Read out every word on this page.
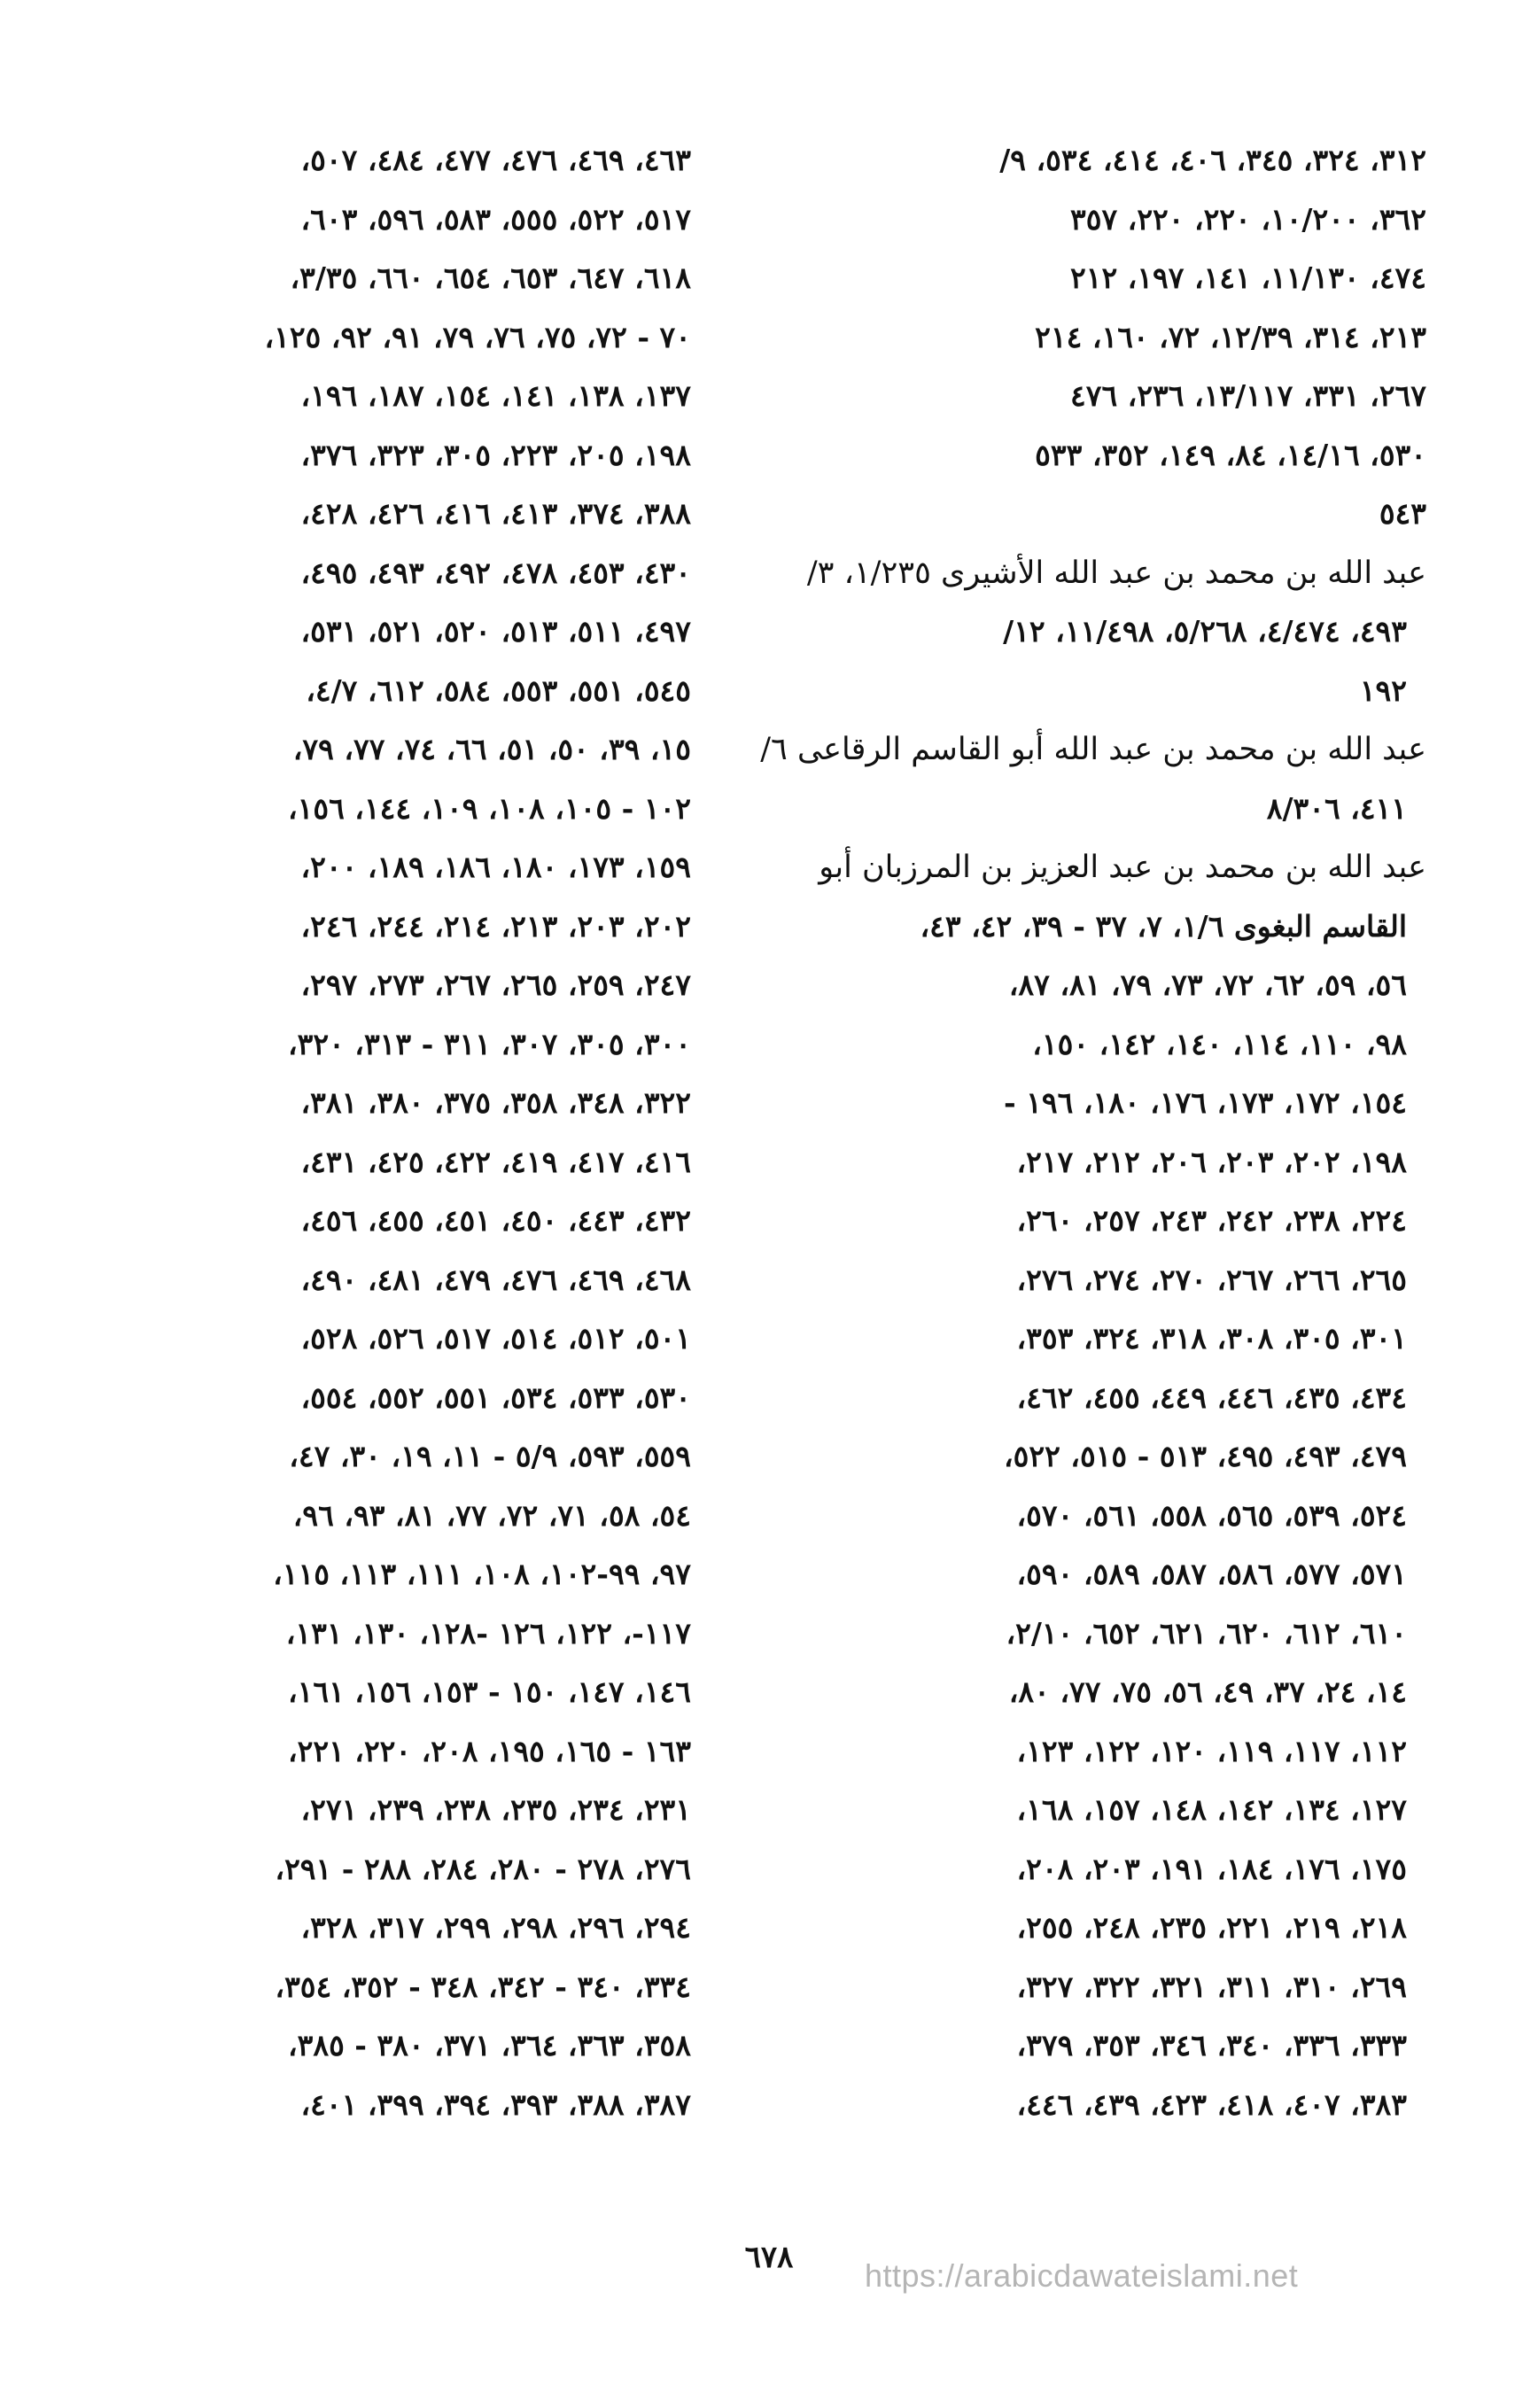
٣١٢، ٣٢٤، ٣٤٥، ٤٠٦، ٤١٤، ٥٣٤، ٩/
٣٦٢، ١٠/٢٠٠، ٢٢٠، ٢٢٠، ٣٥٧
٤٧٤، ١١/١٣٠، ١٤١، ١٩٧، ٢١٢
٢١٣، ٣١٤، ١٢/٣٩، ٧٢، ١٦٠، ٢١٤
٢٦٧، ٣٣١، ١٣/١١٧، ٢٣٦، ٤٧٦
٥٣٠، ١٤/١٦، ٨٤، ١٤٩، ٣٥٢، ٥٣٣
٥٤٣
عبد الله بن محمد بن عبد الله الأشيرى ١/٢٣٥، ٣/
٤٩٣، ٤/٤٧٤، ٥/٢٦٨، ١١/٤٩٨، ١٢/
١٩٢
عبد الله بن محمد بن عبد الله أبو القاسم الرقاعى ٦/
٤١١، ٨/٣٠٦
عبد الله بن محمد بن عبد العزيز بن المرزبان أبو
القاسم البغوى ١/٦، ٧، ٣٧ - ٣٩، ٤٢، ٤٣،
٥٦، ٥٩، ٦٢، ٧٢، ٧٣، ٧٩، ٨١، ٨٧،
٩٨، ١١٠، ١١٤، ١٤٠، ١٤٢، ١٥٠،
١٥٤، ١٧٢، ١٧٣، ١٧٦، ١٨٠، ١٩٦ -
١٩٨، ٢٠٢، ٢٠٣، ٢٠٦، ٢١٢، ٢١٧،
٢٢٤، ٢٣٨، ٢٤٢، ٢٤٣، ٢٥٧، ٢٦٠،
٢٦٥، ٢٦٦، ٢٦٧، ٢٧٠، ٢٧٤، ٢٧٦،
٣٠١، ٣٠٥، ٣٠٨، ٣١٨، ٣٢٤، ٣٥٣،
٤٣٤، ٤٣٥، ٤٤٦، ٤٤٩، ٤٥٥، ٤٦٢،
٤٧٩، ٤٩٣، ٤٩٥، ٥١٣ - ٥١٥، ٥٢٢،
٥٢٤، ٥٣٩، ٥٦٥، ٥٥٨، ٥٦١، ٥٧٠،
٥٧١، ٥٧٧، ٥٨٦، ٥٨٧، ٥٨٩، ٥٩٠،
٦١٠، ٦١٢، ٦٢٠، ٦٢١، ٦٥٢، ٢/١٠،
١٤، ٢٤، ٣٧، ٤٩، ٥٦، ٧٥، ٧٧، ٨٠،
١١٢، ١١٧، ١١٩، ١٢٠، ١٢٢، ١٢٣،
١٢٧، ١٣٤، ١٤٢، ١٤٨، ١٥٧، ١٦٨،
١٧٥، ١٧٦، ١٨٤، ١٩١، ٢٠٣، ٢٠٨،
٢١٨، ٢١٩، ٢٢١، ٢٣٥، ٢٤٨، ٢٥٥،
٢٦٩، ٣١٠، ٣١١، ٣٢١، ٣٢٢، ٣٢٧،
٣٣٣، ٣٣٦، ٣٤٠، ٣٤٦، ٣٥٣، ٣٧٩،
٣٨٣، ٤٠٧، ٤١٨، ٤٢٣، ٤٣٩، ٤٤٦،
٤٦٣، ٤٦٩، ٤٧٦، ٤٧٧، ٤٨٤، ٥٠٧،
٥١٧، ٥٢٢، ٥٥٥، ٥٨٣، ٥٩٦، ٦٠٣،
٦١٨، ٦٤٧، ٦٥٣، ٦٥٤، ٦٦٠، ٣/٣٥،
٧٠ - ٧٢، ٧٥، ٧٦، ٧٩، ٩١، ٩٢، ١٢٥،
١٣٧، ١٣٨، ١٤١، ١٥٤، ١٨٧، ١٩٦،
١٩٨، ٢٠٥، ٢٢٣، ٣٠٥، ٣٢٣، ٣٧٦،
٣٨٨، ٣٧٤، ٤١٣، ٤١٦، ٤٢٦، ٤٢٨،
٤٣٠، ٤٥٣، ٤٧٨، ٤٩٢، ٤٩٣، ٤٩٥،
٤٩٧، ٥١١، ٥١٣، ٥٢٠، ٥٢١، ٥٣١،
٥٤٥، ٥٥١، ٥٥٣، ٥٨٤، ٦١٢، ٤/٧،
١٥، ٣٩، ٥٠، ٥١، ٦٦، ٧٤، ٧٧، ٧٩،
١٠٢ - ١٠٥، ١٠٨، ١٠٩، ١٤٤، ١٥٦،
١٥٩، ١٧٣، ١٨٠، ١٨٦، ١٨٩، ٢٠٠،
٢٠٢، ٢٠٣، ٢١٣، ٢١٤، ٢٤٤، ٢٤٦،
٢٤٧، ٢٥٩، ٢٦٥، ٢٦٧، ٢٧٣، ٢٩٧،
٣٠٠، ٣٠٥، ٣٠٧، ٣١١ - ٣١٣، ٣٢٠،
٣٢٢، ٣٤٨، ٣٥٨، ٣٧٥، ٣٨٠، ٣٨١،
٤١٦، ٤١٧، ٤١٩، ٤٢٢، ٤٢٥، ٤٣١،
٤٣٢، ٤٤٣، ٤٥٠، ٤٥١، ٤٥٥، ٤٥٦،
٤٦٨، ٤٦٩، ٤٧٦، ٤٧٩، ٤٨١، ٤٩٠،
٥٠١، ٥١٢، ٥١٤، ٥١٧، ٥٢٦، ٥٢٨،
٥٣٠، ٥٣٣، ٥٣٤، ٥٥١، ٥٥٢، ٥٥٤،
٥٥٩، ٥٩٣، ٥/٩ - ١١، ١٩، ٣٠، ٤٧،
٥٤، ٥٨، ٧١، ٧٢، ٧٧، ٨١، ٩٣، ٩٦،
٩٧، ٩٩-١٠٢، ١٠٨، ١١١، ١١٣، ١١٥،
١١٧-، ١٢٢، ١٢٦ -١٢٨، ١٣٠، ١٣١،
١٤٦، ١٤٧، ١٥٠ - ١٥٣، ١٥٦، ١٦١،
١٦٣ - ١٦٥، ١٩٥، ٢٠٨، ٢٢٠، ٢٢١،
٢٣١، ٢٣٤، ٢٣٥، ٢٣٨، ٢٣٩، ٢٧١،
٢٧٦، ٢٧٨ - ٢٨٠، ٢٨٤، ٢٨٨ - ٢٩١،
٢٩٤، ٢٩٦، ٢٩٨، ٢٩٩، ٣١٧، ٣٢٨،
٣٣٤، ٣٤٠ - ٣٤٢، ٣٤٨ - ٣٥٢، ٣٥٤،
٣٥٨، ٣٦٣، ٣٦٤، ٣٧١، ٣٨٠ - ٣٨٥،
٣٨٧، ٣٨٨، ٣٩٣، ٣٩٤، ٣٩٩، ٤٠١،
٦٧٨	https://arabicdawateislami.net
